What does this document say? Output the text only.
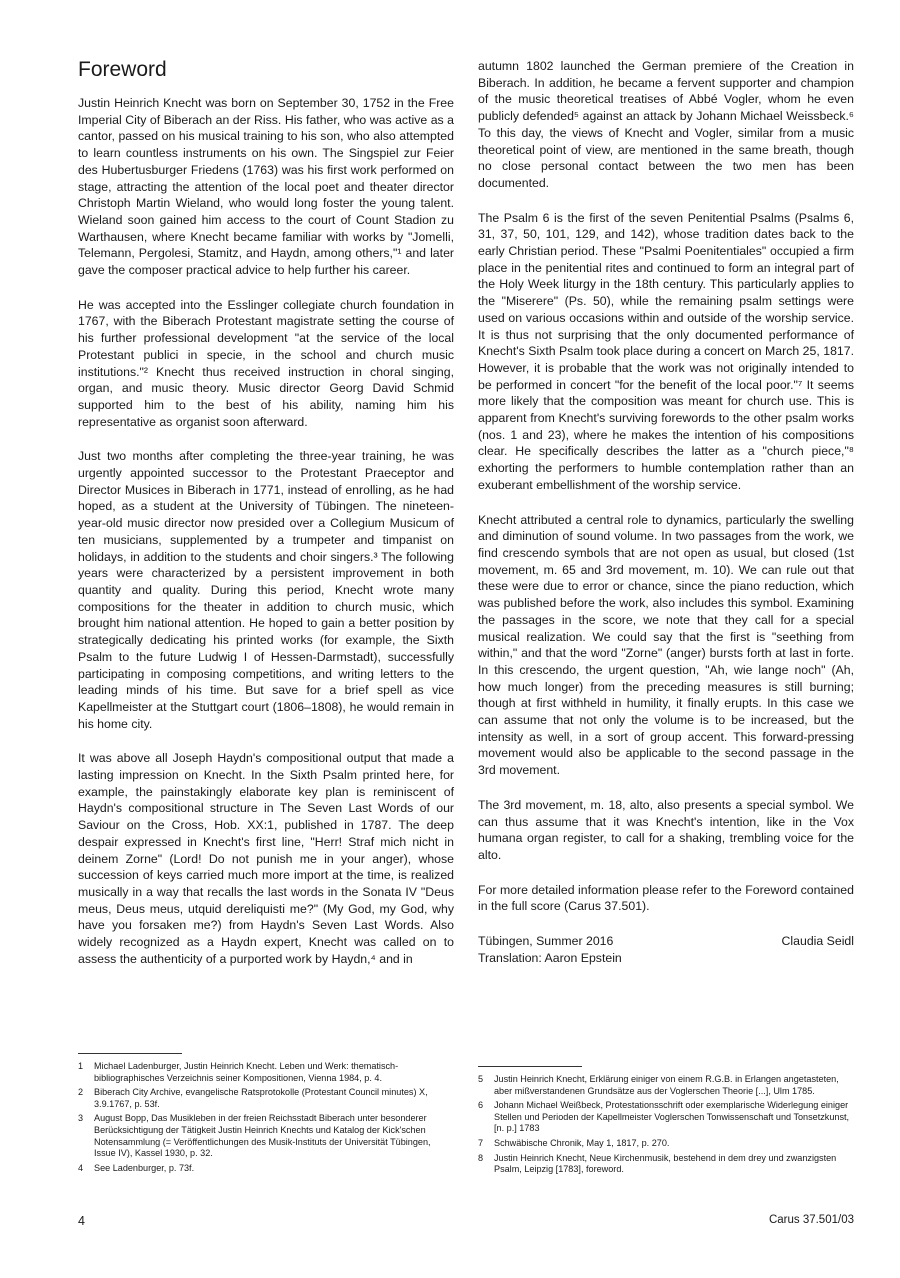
Foreword

Justin Heinrich Knecht was born on September 30, 1752 in the Free Imperial City of Biberach an der Riss. His father, who was active as a cantor, passed on his musical training to his son, who also attempted to learn countless instruments on his own. The Singspiel zur Feier des Hubertusburger Friedens (1763) was his first work performed on stage, attracting the attention of the local poet and theater director Christoph Martin Wieland, who would long foster the young talent. Wieland soon gained him access to the court of Count Stadion zu Warthausen, where Knecht became familiar with works by "Jomelli, Telemann, Pergolesi, Stamitz, and Haydn, among others,"¹ and later gave the composer practical advice to help further his career.

He was accepted into the Esslinger collegiate church foundation in 1767, with the Biberach Protestant magistrate setting the course of his further professional development "at the service of the local Protestant publici in specie, in the school and church music institutions."² Knecht thus received instruction in choral singing, organ, and music theory. Music director Georg David Schmid supported him to the best of his ability, naming him his representative as organist soon afterward.

Just two months after completing the three-year training, he was urgently appointed successor to the Protestant Praeceptor and Director Musices in Biberach in 1771, instead of enrolling, as he had hoped, as a student at the University of Tübingen. The nineteen-year-old music director now presided over a Collegium Musicum of ten musicians, supplemented by a trumpeter and timpanist on holidays, in addition to the students and choir singers.³ The following years were characterized by a persistent improvement in both quantity and quality. During this period, Knecht wrote many compositions for the theater in addition to church music, which brought him national attention. He hoped to gain a better position by strategically dedicating his printed works (for example, the Sixth Psalm to the future Ludwig I of Hessen-Darmstadt), successfully participating in composing competitions, and writing letters to the leading minds of his time. But save for a brief spell as vice Kapellmeister at the Stuttgart court (1806–1808), he would remain in his home city.

It was above all Joseph Haydn's compositional output that made a lasting impression on Knecht. In the Sixth Psalm printed here, for example, the painstakingly elaborate key plan is reminiscent of Haydn's compositional structure in The Seven Last Words of our Saviour on the Cross, Hob. XX:1, published in 1787. The deep despair expressed in Knecht's first line, "Herr! Straf mich nicht in deinem Zorne" (Lord! Do not punish me in your anger), whose succession of keys carried much more import at the time, is realized musically in a way that recalls the last words in the Sonata IV "Deus meus, Deus meus, utquid dereliquisti me?" (My God, my God, why have you forsaken me?) from Haydn's Seven Last Words. Also widely recognized as a Haydn expert, Knecht was called on to assess the authenticity of a purported work by Haydn,⁴ and in

autumn 1802 launched the German premiere of the Creation in Biberach. In addition, he became a fervent supporter and champion of the music theoretical treatises of Abbé Vogler, whom he even publicly defended⁵ against an attack by Johann Michael Weissbeck.⁶ To this day, the views of Knecht and Vogler, similar from a music theoretical point of view, are mentioned in the same breath, though no close personal contact between the two men has been documented.

The Psalm 6 is the first of the seven Penitential Psalms (Psalms 6, 31, 37, 50, 101, 129, and 142), whose tradition dates back to the early Christian period. These "Psalmi Poenitentiales" occupied a firm place in the penitential rites and continued to form an integral part of the Holy Week liturgy in the 18th century. This particularly applies to the "Miserere" (Ps. 50), while the remaining psalm settings were used on various occasions within and outside of the worship service. It is thus not surprising that the only documented performance of Knecht's Sixth Psalm took place during a concert on March 25, 1817. However, it is probable that the work was not originally intended to be performed in concert "for the benefit of the local poor."⁷ It seems more likely that the composition was meant for church use. This is apparent from Knecht's surviving forewords to the other psalm works (nos. 1 and 23), where he makes the intention of his compositions clear. He specifically describes the latter as a "church piece,"⁸ exhorting the performers to humble contemplation rather than an exuberant embellishment of the worship service.

Knecht attributed a central role to dynamics, particularly the swelling and diminution of sound volume. In two passages from the work, we find crescendo symbols that are not open as usual, but closed (1st movement, m. 65 and 3rd movement, m. 10). We can rule out that these were due to error or chance, since the piano reduction, which was published before the work, also includes this symbol. Examining the passages in the score, we note that they call for a special musical realization. We could say that the first is "seething from within," and that the word "Zorne" (anger) bursts forth at last in forte. In this crescendo, the urgent question, "Ah, wie lange noch" (Ah, how much longer) from the preceding measures is still burning; though at first withheld in humility, it finally erupts. In this case we can assume that not only the volume is to be increased, but the intensity as well, in a sort of group accent. This forward-pressing movement would also be applicable to the second passage in the 3rd movement.

The 3rd movement, m. 18, alto, also presents a special symbol. We can thus assume that it was Knecht's intention, like in the Vox humana organ register, to call for a shaking, trembling voice for the alto.

For more detailed information please refer to the Foreword contained in the full score (Carus 37.501).

Tübingen, Summer 2016	Claudia Seidl

Translation: Aaron Epstein

1	Michael Ladenburger, Justin Heinrich Knecht. Leben und Werk: thematisch-bibliographisches Verzeichnis seiner Kompositionen, Vienna 1984, p. 4.
2	Biberach City Archive, evangelische Ratsprotokolle (Protestant Council minutes) X, 3.9.1767, p. 53f.
3	August Bopp, Das Musikleben in der freien Reichsstadt Biberach unter besonderer Berücksichtigung der Tätigkeit Justin Heinrich Knechts und Katalog der Kick'schen Notensammlung (= Veröffentlichungen des Musik-Instituts der Universität Tübingen, Issue IV), Kassel 1930, p. 32.
4	See Ladenburger, p. 73f.
5	Justin Heinrich Knecht, Erklärung einiger von einem R.G.B. in Erlangen angetasteten, aber mißverstandenen Grundsätze aus der Voglerschen Theorie [...], Ulm 1785.
6	Johann Michael Weißbeck, Protestationsschrift oder exemplarische Widerlegung einiger Stellen und Perioden der Kapellmeister Voglerschen Tonwissenschaft und Tonsetzkunst, [n. p.] 1783
7	Schwäbische Chronik, May 1, 1817, p. 270.
8	Justin Heinrich Knecht, Neue Kirchenmusik, bestehend in dem drey und zwanzigsten Psalm, Leipzig [1783], foreword.
4	Carus 37.501/03
